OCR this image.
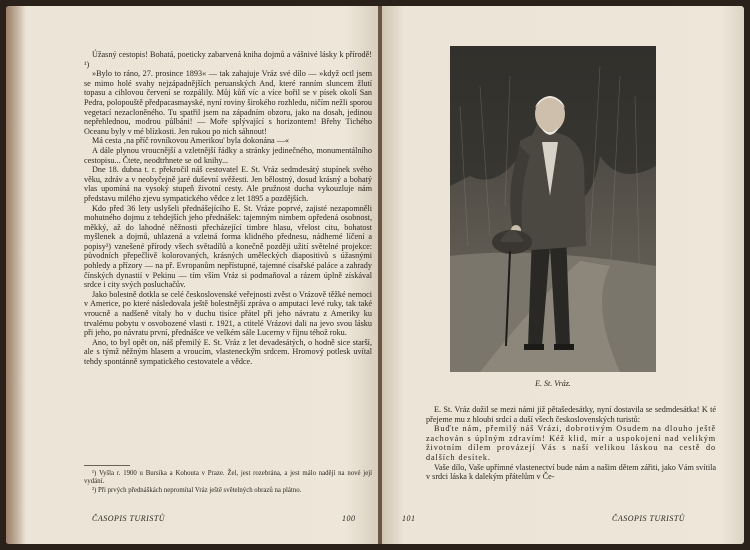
Úžasný cestopis! Bohatá, poeticky zabarvená kniha dojmů a vášnivé lásky k přírodě!¹)

»Bylo to ráno, 27. prosince 1893« — tak zahajuje Vráz své dílo — »když octl jsem se mimo holé svahy nejzápadnějších peruanských And, které ranním sluncem žlutí topasu a cihlovou červení se rozpálily. Můj kůň víc a více bořil se v písek okolí San Pedra, polopouště předpacasmayské, nyní roviny širokého rozhledu, ničím nežli sporou vegetací nezacloněného. Tu spatřil jsem na západním obzoru, jako na dosah, jedinou nepřehlednou, modrou půlbáni! — Moře splývající s horizontem! Břehy Tichého Oceanu byly v mé blízkosti. Jen rukou po nich sáhnout!

Má cesta ‚na příč rovníkovou Amerikou' byla dokonána —«

A dále plynou vroucnější a vzletnější řádky a stránky jedinečného, monumentálního cestopisu... Čtete, neodtrhnete se od knihy...

Dne 18. dubna t. r. překročil náš cestovatel E. St. Vráz sedmdesátý stupínek svého věku, zdráv a v neobyčejně jaré duševní svěžesti. Jen bělostný, dosud krásný a bohatý vlas upomíná na vysoký stupeň životní cesty. Ale pružnost ducha vykouzluje nám představu milého zjevu sympatického vědce z let 1895 a pozdějších.

Kdo před 36 lety uslyšeli přednášejícího E. St. Vráze poprvé, zajisté nezapomněli mohutného dojmu z tehdejších jeho přednášek: tajemným nimbem opředená osobnost, měkký, až do lahodné něžnosti přecházející timbre hlasu, vřelost citu, bohatost myšlenek a dojmů, uhlazená a vzletná forma klidného přednesu, nádherné líčení a popisy²) vznešené přírody všech světadílů a konečně později užití světelné projekce: původních přepečlivě kolorovaných, krásných uměleckých diapositivů s úžasnými pohledy a přízory — na př. Evropanům nepřístupné, tajemné císařské paláce a zahrady čínských dynastií v Pekinu — tím vším Vráz si podmaňoval a rázem úplně získával srdce i city svých posluchačův.

Jako bolestně dotkla se celé československé veřejnosti zvěst o Vrázově těžké nemoci v Americe, po které následovala ještě bolestnější zpráva o amputaci levé ruky, tak také vroucně a nadšeně vítaly ho v duchu tisíce přátel při jeho návratu z Ameriky ku trvalému pobytu v osvobozené vlasti r. 1921, a ctitelé Vrázovi dali na jevo svou lásku při jeho, po návratu první, přednášce ve velkém sále Lucerny v říjnu téhož roku.

Ano, to byl opět on, náš přemilý E. St. Vráz z let devadesátých, o hodně sice starší, ale s týmž něžným hlasem a vroucím, vlastenecký̌m srdcem. Hromový potlesk uvítal tehdy spontánně sympatického cestovatele a vědce.

¹) Vyšla r. 1900 u Bursíka a Kohouta v Praze. Žel, jest rozebrána, a jest málo nadějí na nové její vydání.

²) Při prvých přednáškách nepromítal Vráz ještě světelných obrazů na plátno.

ČASOPIS TURISTŮ	100
E. St. Vráz.

E. St. Vráz dožil se mezi námi již pětašedesátky, nyní dostavila se sedmdesátka! K té přejeme mu z hloubi srdcí a duší všech československých turistů:

Buďte nám, přemilý náš Vrázi, dobrotivým Osudem na dlouho ještě zachován s úplným zdravím! Kéž klid, mír a uspokojení nad velikým životním dílem provázejí Vás s naší velikou láskou na cestě do dalších desítek.

Vaše dílo, Vaše upřímné vlastenectví bude nám a našim dětem zářiti, jako Vám svítila v srdci láska k dalekým přátelům v Če-

101	ČASOPIS TURISTŮ
